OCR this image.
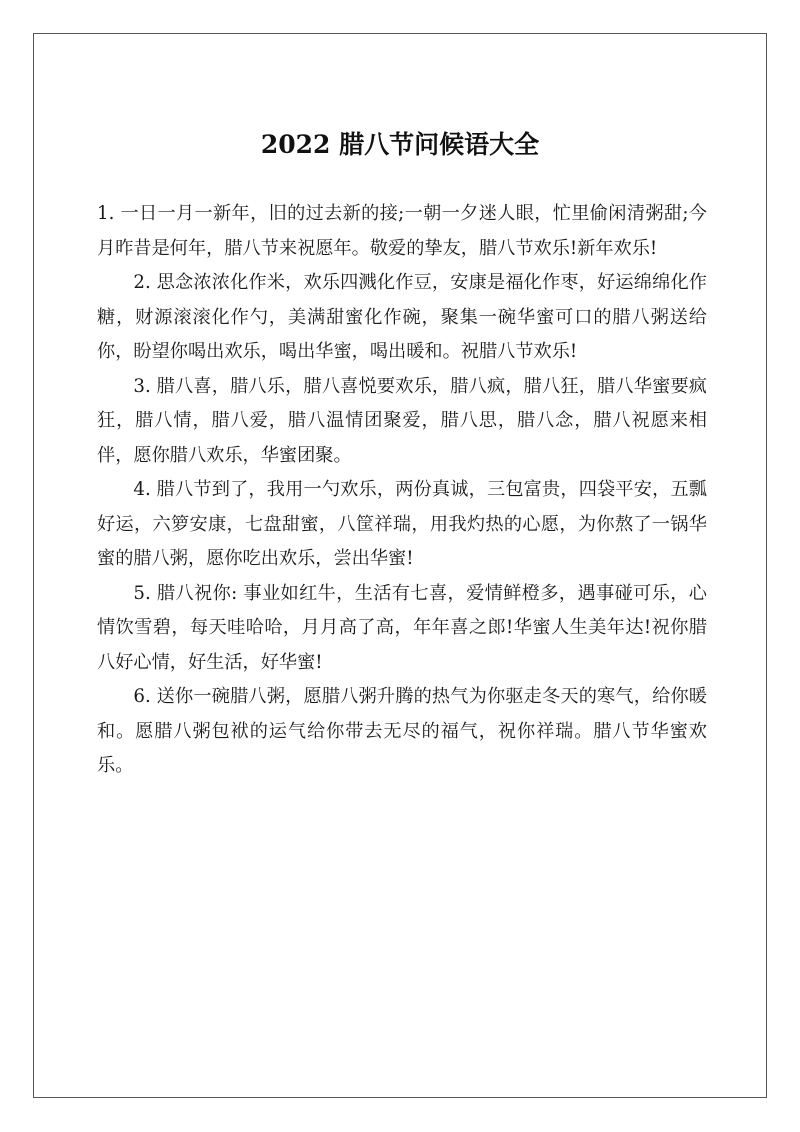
2022 腊八节问候语大全

1. 一日一月一新年，旧的过去新的接;一朝一夕迷人眼，忙里偷闲清粥甜;今月昨昔是何年，腊八节来祝愿年。敬爱的挚友，腊八节欢乐!新年欢乐!

2. 思念浓浓化作米，欢乐四溅化作豆，安康是福化作枣，好运绵绵化作糖，财源滚滚化作勺，美满甜蜜化作碗，聚集一碗华蜜可口的腊八粥送给你，盼望你喝出欢乐，喝出华蜜，喝出暖和。祝腊八节欢乐!

3. 腊八喜，腊八乐，腊八喜悦要欢乐，腊八疯，腊八狂，腊八华蜜要疯狂，腊八情，腊八爱，腊八温情团聚爱，腊八思，腊八念，腊八祝愿来相伴，愿你腊八欢乐，华蜜团聚。

4. 腊八节到了，我用一勺欢乐，两份真诚，三包富贵，四袋平安，五瓢好运，六箩安康，七盘甜蜜，八筐祥瑞，用我灼热的心愿，为你熬了一锅华蜜的腊八粥，愿你吃出欢乐，尝出华蜜!

5. 腊八祝你: 事业如红牛，生活有七喜，爱情鲜橙多，遇事碰可乐，心情饮雪碧，每天哇哈哈，月月高了高，年年喜之郎!华蜜人生美年达!祝你腊八好心情，好生活，好华蜜!

6. 送你一碗腊八粥，愿腊八粥升腾的热气为你驱走冬天的寒气，给你暖和。愿腊八粥包袱的运气给你带去无尽的福气，祝你祥瑞。腊八节华蜜欢乐。
